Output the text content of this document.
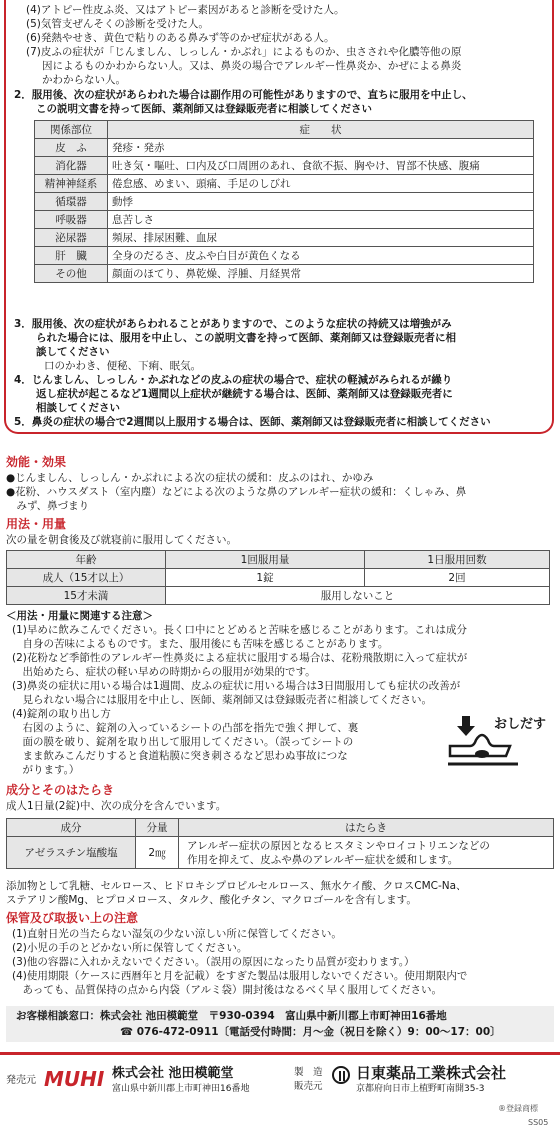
(4)アトピー性皮ふ炎、又はアトピー素因があると診断を受けた人。
(5)気管支ぜんそくの診断を受けた人。
(6)発熱やせき、黄色で粘りのある鼻みず等のかぜ症状がある人。
(7)皮ふの症状が「じんましん、しっしん・かぶれ」によるものか、虫さされや化膿等他の原
因によるものかわからない人。又は、鼻炎の場合でアレルギー性鼻炎か、かぜによる鼻炎
かわからない人。
2．服用後、次の症状があらわれた場合は副作用の可能性がありますので、直ちに服用を中止し、
この説明文書を持って医師、薬剤師又は登録販売者に相談してください
関係部位	症　　状
皮　ふ	発疹・発赤
消化器	吐き気・嘔吐、口内及び口周囲のあれ、食欲不振、胸やけ、胃部不快感、腹痛
精神神経系	倦怠感、めまい、頭痛、手足のしびれ
循環器	動悸
呼吸器	息苦しさ
泌尿器	頻尿、排尿困難、血尿
肝　臓	全身のだるさ、皮ふや白目が黄色くなる
その他	顔面のほてり、鼻乾燥、浮腫、月経異常
3．服用後、次の症状があらわれることがありますので、このような症状の持続又は増強がみ
られた場合には、服用を中止し、この説明文書を持って医師、薬剤師又は登録販売者に相
談してください
口のかわき、便秘、下痢、眠気。
4．じんましん、しっしん・かぶれなどの皮ふの症状の場合で、症状の軽減がみられるが繰り
返し症状が起こるなど1週間以上症状が継続する場合は、医師、薬剤師又は登録販売者に
相談してください
5．鼻炎の症状の場合で2週間以上服用する場合は、医師、薬剤師又は登録販売者に相談してください
効能・効果
●じんましん、しっしん・かぶれによる次の症状の緩和：皮ふのはれ、かゆみ
●花粉、ハウスダスト（室内塵）などによる次のような鼻のアレルギー症状の緩和：くしゃみ、鼻
　みず、鼻づまり
用法・用量
次の量を朝食後及び就寝前に服用してください。
年齢	1回服用量	1日服用回数
成人（15才以上）	1錠	2回
15才未満	服用しないこと	
＜用法・用量に関連する注意＞
(1)早めに飲みこんでください。長く口中にとどめると苦味を感じることがあります。これは成分
　自身の苦味によるものです。また、服用後にも苦味を感じることがあります。
(2)花粉など季節性のアレルギー性鼻炎による症状に服用する場合は、花粉飛散期に入って症状が
　出始めたら、症状の軽い早めの時期からの服用が効果的です。
(3)鼻炎の症状に用いる場合は1週間、皮ふの症状に用いる場合は3日間服用しても症状の改善が
　見られない場合には服用を中止し、医師、薬剤師又は登録販売者に相談してください。
(4)錠剤の取り出し方
　右図のように、錠剤の入っているシートの凸部を指先で強く押して、裏
　面の膜を破り、錠剤を取り出して服用してください。（誤ってシートの
　まま飲みこんだりすると食道粘膜に突き刺さるなど思わぬ事故につな
　がります。）
おしだす
成分とそのはたらき
成人1日量(2錠)中、次の成分を含んでいます。
成分	分量	はたらき
アゼラスチン塩酸塩	2㎎	アレルギー症状の原因となるヒスタミンやロイコトリエンなどの
作用を抑えて、皮ふや鼻のアレルギー症状を緩和します。
添加物として乳糖、セルロース、ヒドロキシプロピルセルロース、無水ケイ酸、クロスCMC-Na、
ステアリン酸Mg、ヒプロメロース、タルク、酸化チタン、マクロゴールを含有します。
保管及び取扱い上の注意
(1)直射日光の当たらない湿気の少ない涼しい所に保管してください。
(2)小児の手のとどかない所に保管してください。
(3)他の容器に入れかえないでください。（誤用の原因になったり品質が変わります。）
(4)使用期限（ケースに西暦年と月を記載）をすぎた製品は服用しないでください。使用期限内で
　あっても、品質保持の点から内袋（アルミ袋）開封後はなるべく早く服用してください。
お客様相談窓口：株式会社 池田模範堂　〒930-0394　富山県中新川郡上市町神田16番地
☎ 076-472-0911〔電話受付時間：月～金（祝日を除く）9：00～17：00〕
発売元 MUHI 株式会社 池田模範堂
富山県中新川郡上市町神田16番地
製　造
販売元
日東薬品工業株式会社
京都府向日市上植野町南開35-3
®登録商標
SS05
